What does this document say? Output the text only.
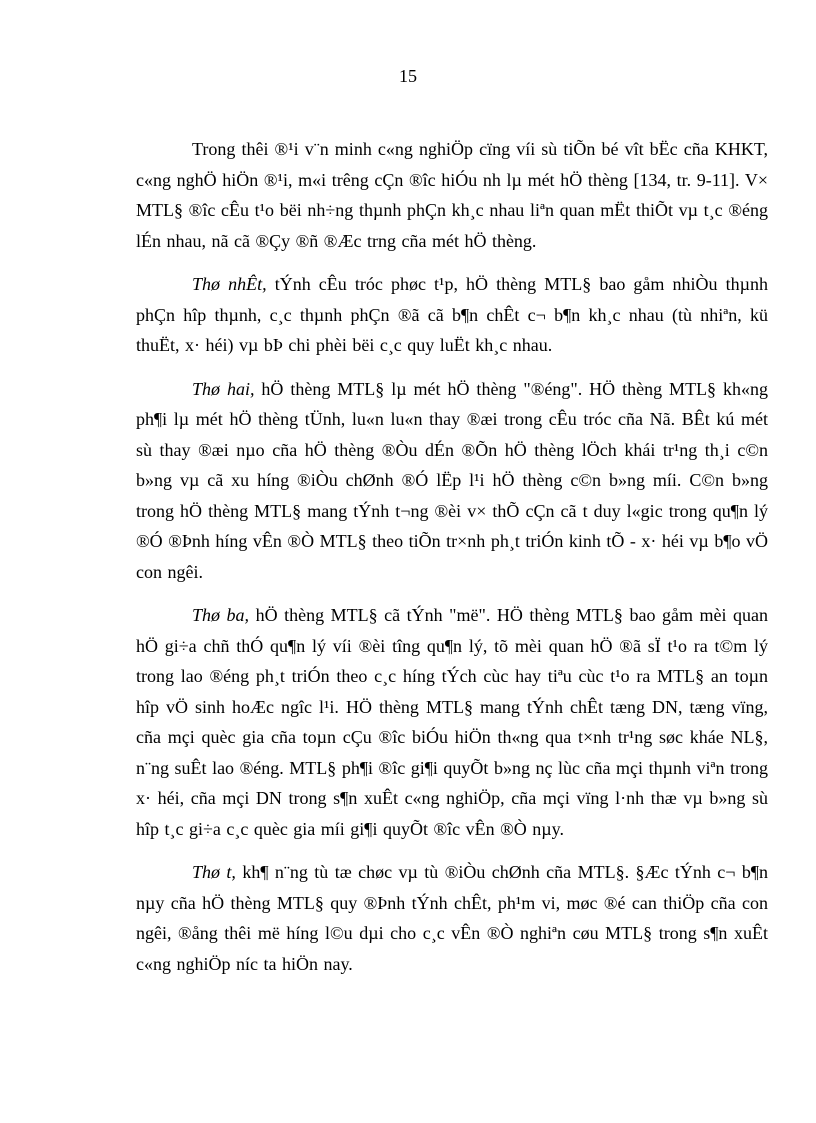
15

Trong thêi ®¹i v¨n minh c«ng nghiÖp cïng víi sù tiÕn bé vît bËc cña KHKT, c«ng nghÖ hiÖn ®¹i, m«i trêng cÇn ®îc hiÓu nh lµ mét hÖ thèng [134, tr. 9-11]. V× MTL§ ®îc cÊu t¹o bëi nh÷ng thµnh phÇn kh¸c nhau liªn quan mËt thiÕt vµ t¸c ®éng lÉn nhau, nã cã ®Çy ®ñ ®Æc trng cña mét hÖ thèng.

Thø nhÊt, tÝnh cÊu tróc phøc t¹p, hÖ thèng MTL§ bao gåm nhiÒu thµnh phÇn hîp thµnh, c¸c thµnh phÇn ®ã cã b¶n chÊt c¬ b¶n kh¸c nhau (tù nhiªn, kü thuËt, x· héi) vµ bÞ chi phèi bëi c¸c quy luËt kh¸c nhau.

Thø hai, hÖ thèng MTL§ lµ mét hÖ thèng "®éng". HÖ thèng MTL§ kh«ng ph¶i lµ mét hÖ thèng tÜnh, lu«n lu«n thay ®æi trong cÊu tróc cña Nã. BÊt kú mét sù thay ®æi nµo cña hÖ thèng ®Òu dÉn ®Õn hÖ thèng lÖch khái tr¹ng th¸i c©n b»ng vµ cã xu híng ®iÒu chØnh ®Ó lËp l¹i hÖ thèng c©n b»ng míi. C©n b»ng trong hÖ thèng MTL§ mang tÝnh t¬ng ®èi v× thÕ cÇn cã t duy l«gic trong qu¶n lý ®Ó ®Þnh híng vÊn ®Ò MTL§ theo tiÕn tr×nh ph¸t triÓn kinh tÕ - x· héi vµ b¶o vÖ con ngêi.

Thø ba, hÖ thèng MTL§ cã tÝnh "më". HÖ thèng MTL§ bao gåm mèi quan hÖ gi÷a chñ thÓ qu¶n lý víi ®èi tîng qu¶n lý, tõ mèi quan hÖ ®ã sÏ t¹o ra t©m lý trong lao ®éng ph¸t triÓn theo c¸c híng tÝch cùc hay tiªu cùc t¹o ra MTL§ an toµn hîp vÖ sinh hoÆc ngîc l¹i. HÖ thèng MTL§ mang tÝnh chÊt tæng DN, tæng vïng, cña mçi quèc gia cña toµn cÇu ®îc biÓu hiÖn th«ng qua t×nh tr¹ng søc kháe NL§, n¨ng suÊt lao ®éng. MTL§ ph¶i ®îc gi¶i quyÕt b»ng nç lùc cña mçi thµnh viªn trong x· héi, cña mçi DN trong s¶n xuÊt c«ng nghiÖp, cña mçi vïng l·nh thæ vµ b»ng sù hîp t¸c gi÷a c¸c quèc gia míi gi¶i quyÕt ®îc vÊn ®Ò nµy.

Thø t, kh¶ n¨ng tù tæ chøc vµ tù ®iÒu chØnh cña MTL§. §Æc tÝnh c¬ b¶n nµy cña hÖ thèng MTL§ quy ®Þnh tÝnh chÊt, ph¹m vi, møc ®é can thiÖp cña con ngêi, ®ång thêi më híng l©u dµi cho c¸c vÊn ®Ò nghiªn cøu MTL§ trong s¶n xuÊt c«ng nghiÖp níc ta hiÖn nay.
